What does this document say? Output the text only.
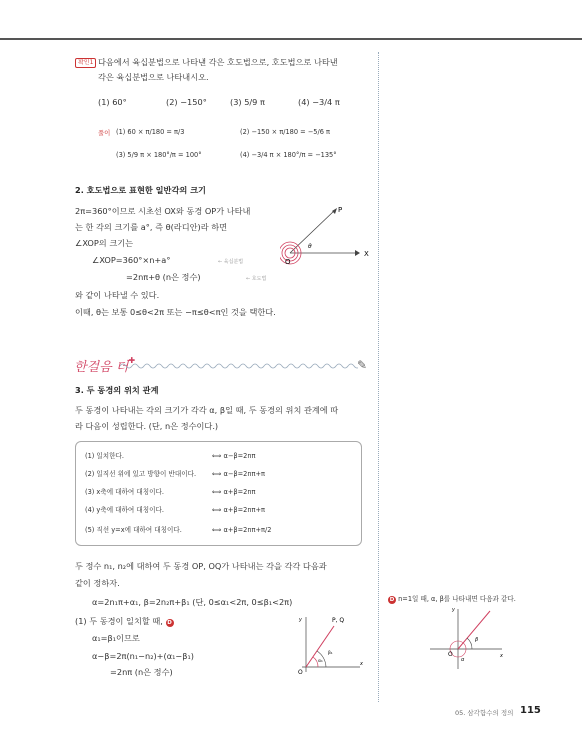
확인1 다음에서 육십분법으로 나타낸 각은 호도법으로, 호도법으로 나타낸
각은 육십분법으로 나타내시오.
(1) 60°	(2) −150°	(3) 5/9 π	(4) −3/4 π
풀이 (1) 60 × π/180 = π/3	(2) −150 × π/180 = −5/6 π
(3) 5/9 π × 180°/π = 100°	(4) −3/4 π × 180°/π = −135°
2. 호도법으로 표현한 일반각의 크기
2π=360°이므로 시초선 OX와 동경 OP가 나타내
는 한 각의 크기를 a°, 즉 θ(라디안)라 하면
∠XOP의 크기는
∠XOP=360°×n+a°	← 육십분법
=2nπ+θ (n은 정수)	← 호도법
와 같이 나타낼 수 있다.
이때, θ는 보통 0≤θ<2π 또는 −π≤θ<π인 것을 택한다.
P
X
O
θ
한걸음 더✚	✎
3. 두 동경의 위치 관계
두 동경이 나타내는 각의 크기가 각각 α, β일 때, 두 동경의 위치 관계에 따
라 다음이 성립한다. (단, n은 정수이다.)
(1) 일치한다.	⟺ α−β=2nπ
(2) 일직선 위에 있고 방향이 반대이다. ⟺ α−β=2nπ+π
(3) x축에 대하여 대칭이다.	⟺ α+β=2nπ
(4) y축에 대하여 대칭이다.	⟺ α+β=2nπ+π
(5) 직선 y=x에 대하여 대칭이다.	⟺ α+β=2nπ+π/2
두 정수 n₁, n₂에 대하여 두 동경 OP, OQ가 나타내는 각을 각각 다음과
같이 정하자.
α=2n₁π+α₁, β=2n₂π+β₁ (단, 0≤α₁<2π, 0≤β₁<2π)
(1) 두 동경이 일치할 때, D
α₁=β₁이므로
α−β=2π(n₁−n₂)+(α₁−β₁)
=2nπ (n은 정수)
P, Q
y
x
O
α₁
β₁
D n=1일 때, α, β를 나타내면 다음과 같다.
y
x
O
α
β
05. 삼각함수의 정의 115
